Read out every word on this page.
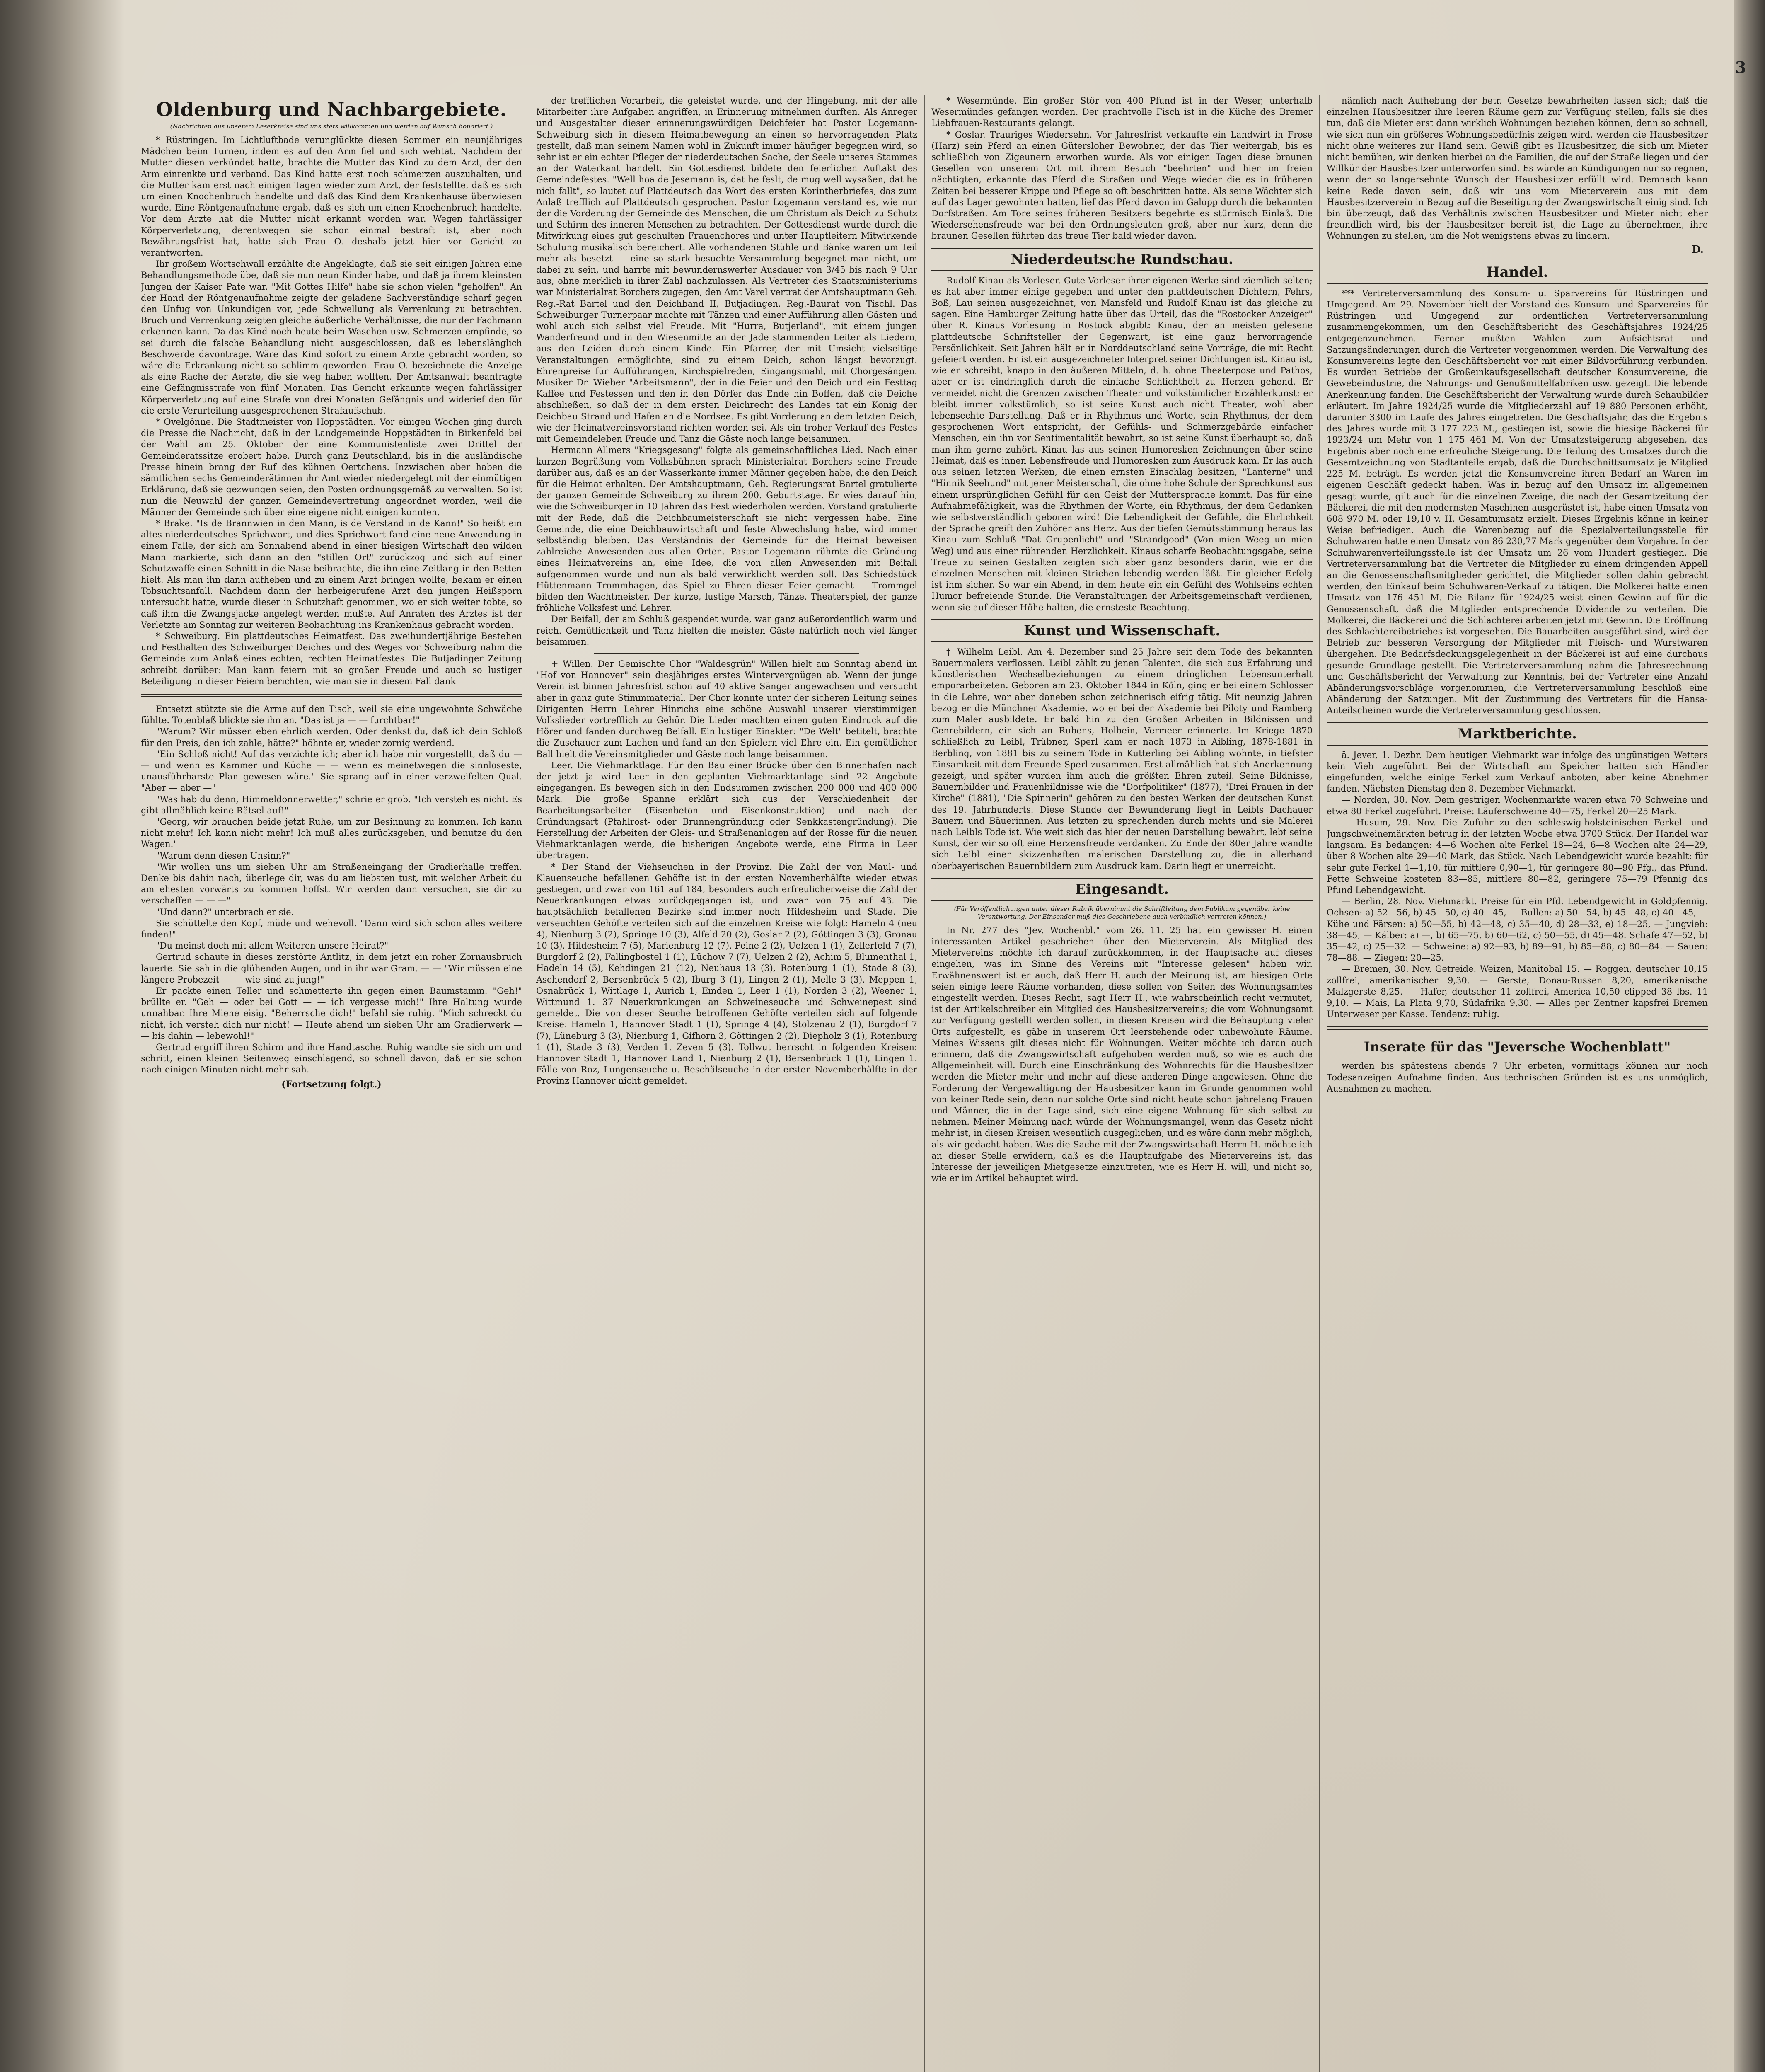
3
Oldenburg und Nachbargebiete.
(Nachrichten aus unserem Leserkreise sind uns stets willkommen und werden auf Wunsch honoriert.)

* Rüstringen. Im Lichtluftbade verunglückte diesen Sommer ein neunjähriges Mädchen beim Turnen, indem es auf den Arm fiel und sich wehtat. Nachdem der Mutter diesen verkündet hatte, brachte die Mutter das Kind zu dem Arzt, der den Arm einrenkte und verband. Das Kind hatte erst noch schmerzen auszuhalten, und die Mutter kam erst nach einigen Tagen wieder zum Arzt, der feststellte, daß es sich um einen Knochenbruch handelte und daß das Kind dem Krankenhause überwiesen wurde. Eine Röntgenaufnahme ergab, daß es sich um einen Knochenbruch handelte. Vor dem Arzte hat die Mutter nicht erkannt worden war. Wegen fahrlässiger Körperverletzung, derentwegen sie schon einmal bestraft ist, aber noch Bewährungsfrist hat, hatte sich Frau O. deshalb jetzt hier vor Gericht zu verantworten.

Ihr großem Wortschwall erzählte die Angeklagte, daß sie seit einigen Jahren eine Behandlungsmethode übe, daß sie nun neun Kinder habe, und daß ja ihrem kleinsten Jungen der Kaiser Pate war. "Mit Gottes Hilfe" habe sie schon vielen "geholfen". An der Hand der Röntgenaufnahme zeigte der geladene Sachverständige scharf gegen den Unfug von Unkundigen vor, jede Schwellung als Verrenkung zu betrachten. Bruch und Verrenkung zeigten gleiche äußerliche Verhältnisse, die nur der Fachmann erkennen kann. Da das Kind noch heute beim Waschen usw. Schmerzen empfinde, so sei durch die falsche Behandlung nicht ausgeschlossen, daß es lebenslänglich Beschwerde davontrage. Wäre das Kind sofort zu einem Arzte gebracht worden, so wäre die Erkrankung nicht so schlimm geworden. Frau O. bezeichnete die Anzeige als eine Rache der Aerzte, die sie weg haben wollten. Der Amtsanwalt beantragte eine Gefängnisstrafe von fünf Monaten. Das Gericht erkannte wegen fahrlässiger Körperverletzung auf eine Strafe von drei Monaten Gefängnis und widerief den für die erste Verurteilung ausgesprochenen Strafaufschub.

* Ovelgönne. Die Stadtmeister von Hoppstädten. Vor einigen Wochen ging durch die Presse die Nachricht, daß in der Landgemeinde Hoppstädten in Birkenfeld bei der Wahl am 25. Oktober der eine Kommunistenliste zwei Drittel der Gemeinderatssitze erobert habe. Durch ganz Deutschland, bis in die ausländische Presse hinein brang der Ruf des kühnen Oertchens. Inzwischen aber haben die sämtlichen sechs Gemeinderätinnen ihr Amt wieder niedergelegt mit der einmütigen Erklärung, daß sie gezwungen seien, den Posten ordnungsgemäß zu verwalten. So ist nun die Neuwahl der ganzen Gemeindevertretung angeordnet worden, weil die Männer der Gemeinde sich über eine eigene nicht einigen konnten.

* Brake. "Is de Brannwien in den Mann, is de Verstand in de Kann!" So heißt ein altes niederdeutsches Sprichwort, und dies Sprichwort fand eine neue Anwendung in einem Falle, der sich am Sonnabend abend in einer hiesigen Wirtschaft den wilden Mann markierte, sich dann an den "stillen Ort" zurückzog und sich auf einer Schutzwaffe einen Schnitt in die Nase beibrachte, die ihn eine Zeitlang in den Betten hielt. Als man ihn dann aufheben und zu einem Arzt bringen wollte, bekam er einen Tobsuchtsanfall. Nachdem dann der herbeigerufene Arzt den jungen Heißsporn untersucht hatte, wurde dieser in Schutzhaft genommen, wo er sich weiter tobte, so daß ihm die Zwangsjacke angelegt werden mußte. Auf Anraten des Arztes ist der Verletzte am Sonntag zur weiteren Beobachtung ins Krankenhaus gebracht worden.

* Schweiburg. Ein plattdeutsches Heimatfest. Das zweihundertjährige Bestehen und Festhalten des Schweiburger Deiches und des Weges vor Schweiburg nahm die Gemeinde zum Anlaß eines echten, rechten Heimatfestes. Die Butjadinger Zeitung schreibt darüber: Man kann feiern mit so großer Freude und auch so lustiger Beteiligung in dieser Feiern berichten, wie man sie in diesem Fall dank

Entsetzt stützte sie die Arme auf den Tisch, weil sie eine ungewohnte Schwäche fühlte. Totenblaß blickte sie ihn an. "Das ist ja — — furchtbar!"

"Warum? Wir müssen eben ehrlich werden. Oder denkst du, daß ich dein Schloß für den Preis, den ich zahle, hätte?" höhnte er, wieder zornig werdend.

"Ein Schloß nicht! Auf das verzichte ich; aber ich habe mir vorgestellt, daß du — — und wenn es Kammer und Küche — — wenn es meinetwegen die sinnloseste, unausführbarste Plan gewesen wäre." Sie sprang auf in einer verzweifelten Qual. "Aber — aber —"

"Was hab du denn, Himmeldonnerwetter," schrie er grob. "Ich versteh es nicht. Es gibt allmählich keine Rätsel auf!"

"Georg, wir brauchen beide jetzt Ruhe, um zur Besinnung zu kommen. Ich kann nicht mehr! Ich kann nicht mehr! Ich muß alles zurücksgehen, und benutze du den Wagen."

"Warum denn diesen Unsinn?"

"Wir wollen uns um sieben Uhr am Straßeneingang der Gradierhalle treffen. Denke bis dahin nach, überlege dir, was du am liebsten tust, mit welcher Arbeit du am ehesten vorwärts zu kommen hoffst. Wir werden dann versuchen, sie dir zu verschaffen — — —"

"Und dann?" unterbrach er sie.

Sie schüttelte den Kopf, müde und wehevoll. "Dann wird sich schon alles weitere finden!"

"Du meinst doch mit allem Weiteren unsere Heirat?"

Gertrud schaute in dieses zerstörte Antlitz, in dem jetzt ein roher Zornausbruch lauerte. Sie sah in die glühenden Augen, und in ihr war Gram. — — "Wir müssen eine längere Probezeit — — wie sind zu jung!"

Er packte einen Teller und schmetterte ihn gegen einen Baumstamm. "Geh!" brüllte er. "Geh — oder bei Gott — — ich vergesse mich!" Ihre Haltung wurde unnahbar. Ihre Miene eisig. "Beherrsche dich!" befahl sie ruhig. "Mich schreckt du nicht, ich versteh dich nur nicht! — Heute abend um sieben Uhr am Gradierwerk — — bis dahin — lebewohl!"

Gertrud ergriff ihren Schirm und ihre Handtasche. Ruhig wandte sie sich um und schritt, einen kleinen Seitenweg einschlagend, so schnell davon, daß er sie schon nach einigen Minuten nicht mehr sah.

(Fortsetzung folgt.)

der trefflichen Vorarbeit, die geleistet wurde, und der Hingebung, mit der alle Mitarbeiter ihre Aufgaben angriffen, in Erinnerung mitnehmen durften. Als Anreger und Ausgestalter dieser erinnerungswürdigen Deichfeier hat Pastor Logemann-Schweiburg sich in diesem Heimatbewegung an einen so hervorragenden Platz gestellt, daß man seinem Namen wohl in Zukunft immer häufiger begegnen wird, so sehr ist er ein echter Pfleger der niederdeutschen Sache, der Seele unseres Stammes an der Waterkant handelt. Ein Gottesdienst bildete den feierlichen Auftakt des Gemeindefestes. "Well hoa de Jesemann is, dat he feslt, de mug well wysaßen, dat he nich fallt", so lautet auf Plattdeutsch das Wort des ersten Korintherbriefes, das zum Anlaß trefflich auf Plattdeutsch gesprochen. Pastor Logemann verstand es, wie nur der die Vorderung der Gemeinde des Menschen, die um Christum als Deich zu Schutz und Schirm des inneren Menschen zu betrachten. Der Gottesdienst wurde durch die Mitwirkung eines gut geschulten Frauenchores und unter Hauptleitern Mitwirkende Schulung musikalisch bereichert. Alle vorhandenen Stühle und Bänke waren um Teil mehr als besetzt — eine so stark besuchte Versammlung begegnet man nicht, um dabei zu sein, und harrte mit bewundernswerter Ausdauer von 3/45 bis nach 9 Uhr aus, ohne merklich in ihrer Zahl nachzulassen. Als Vertreter des Staatsministeriums war Ministerialrat Borchers zugegen, den Amt Varel vertrat der Amtshauptmann Geh. Reg.-Rat Bartel und den Deichband II, Butjadingen, Reg.-Baurat von Tischl. Das Schweiburger Turnerpaar machte mit Tänzen und einer Aufführung allen Gästen und wohl auch sich selbst viel Freude. Mit "Hurra, Butjerland", mit einem jungen Wanderfreund und in den Wiesenmitte an der Jade stammenden Leiter als Liedern, aus den Leiden durch einem Kinde. Ein Pfarrer, der mit Umsicht vielseitige Veranstaltungen ermöglichte, sind zu einem Deich, schon längst bevorzugt. Ehrenpreise für Aufführungen, Kirchspielreden, Eingangsmahl, mit Chorgesängen. Musiker Dr. Wieber "Arbeitsmann", der in die Feier und den Deich und ein Festtag Kaffee und Festessen und den in den Dörfer das Ende hin Boffen, daß die Deiche abschließen, so daß der in dem ersten Deichrecht des Landes tat ein Konig der Deichbau Strand und Hafen an die Nordsee. Es gibt Vorderung an dem letzten Deich, wie der Heimatvereinsvorstand richten worden sei. Als ein froher Verlauf des Festes mit Gemeindeleben Freude und Tanz die Gäste noch lange beisammen.

Hermann Allmers "Kriegsgesang" folgte als gemeinschaftliches Lied. Nach einer kurzen Begrüßung vom Volksbühnen sprach Ministerialrat Borchers seine Freude darüber aus, daß es an der Wasserkante immer Männer gegeben habe, die den Deich für die Heimat erhalten. Der Amtshauptmann, Geh. Regierungsrat Bartel gratulierte der ganzen Gemeinde Schweiburg zu ihrem 200. Geburtstage. Er wies darauf hin, wie die Schweiburger in 10 Jahren das Fest wiederholen werden. Vorstand gratulierte mit der Rede, daß die Deichbaumeisterschaft sie nicht vergessen habe. Eine Gemeinde, die eine Deichbauwirtschaft und feste Abwechslung habe, wird immer selbständig bleiben. Das Verständnis der Gemeinde für die Heimat beweisen zahlreiche Anwesenden aus allen Orten. Pastor Logemann rühmte die Gründung eines Heimatvereins an, eine Idee, die von allen Anwesenden mit Beifall aufgenommen wurde und nun als bald verwirklicht werden soll. Das Schiedstück Hüttenmann Trommhagen, das Spiel zu Ehren dieser Feier gemacht — Trommgel bilden den Wachtmeister, Der kurze, lustige Marsch, Tänze, Theaterspiel, der ganze fröhliche Volksfest und Lehrer.

Der Beifall, der am Schluß gespendet wurde, war ganz außerordentlich warm und reich. Gemütlichkeit und Tanz hielten die meisten Gäste natürlich noch viel länger beisammen.

+ Willen. Der Gemischte Chor "Waldesgrün" Willen hielt am Sonntag abend im "Hof von Hannover" sein diesjähriges erstes Wintervergnügen ab. Wenn der junge Verein ist binnen Jahresfrist schon auf 40 aktive Sänger angewachsen und versucht aber in ganz gute Stimmmaterial. Der Chor konnte unter der sicheren Leitung seines Dirigenten Herrn Lehrer Hinrichs eine schöne Auswahl unserer vierstimmigen Volkslieder vortrefflich zu Gehör. Die Lieder machten einen guten Eindruck auf die Hörer und fanden durchweg Beifall. Ein lustiger Einakter: "De Welt" betitelt, brachte die Zuschauer zum Lachen und fand an den Spielern viel Ehre ein. Ein gemütlicher Ball hielt die Vereinsmitglieder und Gäste noch lange beisammen.

Leer. Die Viehmarktlage. Für den Bau einer Brücke über den Binnenhafen nach der jetzt ja wird Leer in den geplanten Viehmarktanlage sind 22 Angebote eingegangen. Es bewegen sich in den Endsummen zwischen 200 000 und 400 000 Mark. Die große Spanne erklärt sich aus der Verschiedenheit der Bearbeitungsarbeiten (Eisenbeton und Eisenkonstruktion) und nach der Gründungsart (Pfahlrost- oder Brunnengründung oder Senkkastengründung). Die Herstellung der Arbeiten der Gleis- und Straßenanlagen auf der Rosse für die neuen Viehmarktanlagen werde, die bisherigen Angebote werde, eine Firma in Leer übertragen.

* Der Stand der Viehseuchen in der Provinz. Die Zahl der von Maul- und Klauenseuche befallenen Gehöfte ist in der ersten Novemberhälfte wieder etwas gestiegen, und zwar von 161 auf 184, besonders auch erfreulicherweise die Zahl der Neuerkrankungen etwas zurückgegangen ist, und zwar von 75 auf 43. Die hauptsächlich befallenen Bezirke sind immer noch Hildesheim und Stade. Die verseuchten Gehöfte verteilen sich auf die einzelnen Kreise wie folgt: Hameln 4 (neu 4), Nienburg 3 (2), Springe 10 (3), Alfeld 20 (2), Goslar 2 (2), Göttingen 3 (3), Gronau 10 (3), Hildesheim 7 (5), Marienburg 12 (7), Peine 2 (2), Uelzen 1 (1), Zellerfeld 7 (7), Burgdorf 2 (2), Fallingbostel 1 (1), Lüchow 7 (7), Uelzen 2 (2), Achim 5, Blumenthal 1, Hadeln 14 (5), Kehdingen 21 (12), Neuhaus 13 (3), Rotenburg 1 (1), Stade 8 (3), Aschendorf 2, Bersenbrück 5 (2), Iburg 3 (1), Lingen 2 (1), Melle 3 (3), Meppen 1, Osnabrück 1, Wittlage 1, Aurich 1, Emden 1, Leer 1 (1), Norden 3 (2), Weener 1, Wittmund 1. 37 Neuerkrankungen an Schweineseuche und Schweinepest sind gemeldet. Die von dieser Seuche betroffenen Gehöfte verteilen sich auf folgende Kreise: Hameln 1, Hannover Stadt 1 (1), Springe 4 (4), Stolzenau 2 (1), Burgdorf 7 (7), Lüneburg 3 (3), Nienburg 1, Gifhorn 3, Göttingen 2 (2), Diepholz 3 (1), Rotenburg 1 (1), Stade 3 (3), Verden 1, Zeven 5 (3). Tollwut herrscht in folgenden Kreisen: Hannover Stadt 1, Hannover Land 1, Nienburg 2 (1), Bersenbrück 1 (1), Lingen 1. Fälle von Roz, Lungenseuche u. Beschälseuche in der ersten Novemberhälfte in der Provinz Hannover nicht gemeldet.

* Wesermünde. Ein großer Stör von 400 Pfund ist in der Weser, unterhalb Wesermündes gefangen worden. Der prachtvolle Fisch ist in die Küche des Bremer Liebfrauen-Restaurants gelangt.

* Goslar. Trauriges Wiedersehn. Vor Jahresfrist verkaufte ein Landwirt in Frose (Harz) sein Pferd an einen Gütersloher Bewohner, der das Tier weitergab, bis es schließlich von Zigeunern erworben wurde. Als vor einigen Tagen diese braunen Gesellen von unserem Ort mit ihrem Besuch "beehrten" und hier im freien nächtigten, erkannte das Pferd die Straßen und Wege wieder die es in früheren Zeiten bei besserer Krippe und Pflege so oft beschritten hatte. Als seine Wächter sich auf das Lager gewohnten hatten, lief das Pferd davon im Galopp durch die bekannten Dorfstraßen. Am Tore seines früheren Besitzers begehrte es stürmisch Einlaß. Die Wiedersehensfreude war bei den Ordnungsleuten groß, aber nur kurz, denn die braunen Gesellen führten das treue Tier bald wieder davon.

Niederdeutsche Rundschau.

Rudolf Kinau als Vorleser. Gute Vorleser ihrer eigenen Werke sind ziemlich selten; es hat aber immer einige gegeben und unter den plattdeutschen Dichtern, Fehrs, Boß, Lau seinen ausgezeichnet, von Mansfeld und Rudolf Kinau ist das gleiche zu sagen. Eine Hamburger Zeitung hatte über das Urteil, das die "Rostocker Anzeiger" über R. Kinaus Vorlesung in Rostock abgibt: Kinau, der an meisten gelesene plattdeutsche Schriftsteller der Gegenwart, ist eine ganz hervorragende Persönlichkeit. Seit Jahren hält er in Norddeutschland seine Vorträge, die mit Recht gefeiert werden. Er ist ein ausgezeichneter Interpret seiner Dichtungen ist. Kinau ist, wie er schreibt, knapp in den äußeren Mitteln, d. h. ohne Theaterpose und Pathos, aber er ist eindringlich durch die einfache Schlichtheit zu Herzen gehend. Er vermeidet nicht die Grenzen zwischen Theater und volkstümlicher Erzählerkunst; er bleibt immer volkstümlich; so ist seine Kunst auch nicht Theater, wohl aber lebensechte Darstellung. Daß er in Rhythmus und Worte, sein Rhythmus, der dem gesprochenen Wort entspricht, der Gefühls- und Schmerzgebärde einfacher Menschen, ein ihn vor Sentimentalität bewahrt, so ist seine Kunst überhaupt so, daß man ihm gerne zuhört. Kinau las aus seinen Humoresken Zeichnungen über seine Heimat, daß es innen Lebensfreude und Humoresken zum Ausdruck kam. Er las auch aus seinen letzten Werken, die einen ernsten Einschlag besitzen, "Lanterne" und "Hinnik Seehund" mit jener Meisterschaft, die ohne hohe Schule der Sprechkunst aus einem ursprünglichen Gefühl für den Geist der Muttersprache kommt. Das für eine Aufnahmefähigkeit, was die Rhythmen der Worte, ein Rhythmus, der dem Gedanken wie selbstverständlich geboren wird! Die Lebendigkeit der Gefühle, die Ehrlichkeit der Sprache greift den Zuhörer ans Herz. Aus der tiefen Gemütsstimmung heraus las Kinau zum Schluß "Dat Grupenlicht" und "Strandgood" (Von mien Weeg un mien Weg) und aus einer rührenden Herzlichkeit. Kinaus scharfe Beobachtungsgabe, seine Treue zu seinen Gestalten zeigten sich aber ganz besonders darin, wie er die einzelnen Menschen mit kleinen Strichen lebendig werden läßt. Ein gleicher Erfolg ist ihm sicher. So war ein Abend, in dem heute ein ein Gefühl des Wohlseins echten Humor befreiende Stunde. Die Veranstaltungen der Arbeitsgemeinschaft verdienen, wenn sie auf dieser Höhe halten, die ernsteste Beachtung.

Kunst und Wissenschaft.

† Wilhelm Leibl. Am 4. Dezember sind 25 Jahre seit dem Tode des bekannten Bauernmalers verflossen. Leibl zählt zu jenen Talenten, die sich aus Erfahrung und künstlerischen Wechselbeziehungen zu einem dringlichen Lebensunterhalt emporarbeiteten. Geboren am 23. Oktober 1844 in Köln, ging er bei einem Schlosser in die Lehre, war aber daneben schon zeichnerisch eifrig tätig. Mit neunzig Jahren bezog er die Münchner Akademie, wo er bei der Akademie bei Piloty und Ramberg zum Maler ausbildete. Er bald hin zu den Großen Arbeiten in Bildnissen und Genrebildern, ein sich an Rubens, Holbein, Vermeer erinnerte. Im Kriege 1870 schließlich zu Leibl, Trübner, Sperl kam er nach 1873 in Aibling, 1878-1881 in Berbling, von 1881 bis zu seinem Tode in Kutterling bei Aibling wohnte, in tiefster Einsamkeit mit dem Freunde Sperl zusammen. Erst allmählich hat sich Anerkennung gezeigt, und später wurden ihm auch die größten Ehren zuteil. Seine Bildnisse, Bauernbilder und Frauenbildnisse wie die "Dorfpolitiker" (1877), "Drei Frauen in der Kirche" (1881), "Die Spinnerin" gehören zu den besten Werken der deutschen Kunst des 19. Jahrhunderts. Diese Stunde der Bewunderung liegt in Leibls Dachauer Bauern und Bäuerinnen. Aus letzten zu sprechenden durch nichts und sie Malerei nach Leibls Tode ist. Wie weit sich das hier der neuen Darstellung bewahrt, lebt seine Kunst, der wir so oft eine Herzensfreude verdanken. Zu Ende der 80er Jahre wandte sich Leibl einer skizzenhaften malerischen Darstellung zu, die in allerhand oberbayerischen Bauernbildern zum Ausdruck kam. Darin liegt er unerreicht.

Eingesandt.
(Für Veröffentlichungen unter dieser Rubrik übernimmt die Schriftleitung dem Publikum gegenüber keine Verantwortung. Der Einsender muß dies Geschriebene auch verbindlich vertreten können.)

In Nr. 277 des "Jev. Wochenbl." vom 26. 11. 25 hat ein gewisser H. einen interessanten Artikel geschrieben über den Mieterverein. Als Mitglied des Mietervereins möchte ich darauf zurückkommen, in der Hauptsache auf dieses eingehen, was im Sinne des Vereins mit "Interesse gelesen" haben wir. Erwähnenswert ist er auch, daß Herr H. auch der Meinung ist, am hiesigen Orte seien einige leere Räume vorhanden, diese sollen von Seiten des Wohnungsamtes eingestellt werden. Dieses Recht, sagt Herr H., wie wahrscheinlich recht vermutet, ist der Artikelschreiber ein Mitglied des Hausbesitzervereins; die vom Wohnungsamt zur Verfügung gestellt werden sollen, in diesen Kreisen wird die Behauptung vieler Orts aufgestellt, es gäbe in unserem Ort leerstehende oder unbewohnte Räume. Meines Wissens gilt dieses nicht für Wohnungen. Weiter möchte ich daran auch erinnern, daß die Zwangswirtschaft aufgehoben werden muß, so wie es auch die Allgemeinheit will. Durch eine Einschränkung des Wohnrechts für die Hausbesitzer werden die Mieter mehr und mehr auf diese anderen Dinge angewiesen. Ohne die Forderung der Vergewaltigung der Hausbesitzer kann im Grunde genommen wohl von keiner Rede sein, denn nur solche Orte sind nicht heute schon jahrelang Frauen und Männer, die in der Lage sind, sich eine eigene Wohnung für sich selbst zu nehmen. Meiner Meinung nach würde der Wohnungsmangel, wenn das Gesetz nicht mehr ist, in diesen Kreisen wesentlich ausgeglichen, und es wäre dann mehr möglich, als wir gedacht haben. Was die Sache mit der Zwangswirtschaft Herrn H. möchte ich an dieser Stelle erwidern, daß es die Hauptaufgabe des Mietervereins ist, das Interesse der jeweiligen Mietgesetze einzutreten, wie es Herr H. will, und nicht so, wie er im Artikel behauptet wird.

nämlich nach Aufhebung der betr. Gesetze bewahrheiten lassen sich; daß die einzelnen Hausbesitzer ihre leeren Räume gern zur Verfügung stellen, falls sie dies tun, daß die Mieter erst dann wirklich Wohnungen beziehen können, denn so schnell, wie sich nun ein größeres Wohnungsbedürfnis zeigen wird, werden die Hausbesitzer nicht ohne weiteres zur Hand sein. Gewiß gibt es Hausbesitzer, die sich um Mieter nicht bemühen, wir denken hierbei an die Familien, die auf der Straße liegen und der Willkür der Hausbesitzer unterworfen sind. Es würde an Kündigungen nur so regnen, wenn der so langersehnte Wunsch der Hausbesitzer erfüllt wird. Demnach kann keine Rede davon sein, daß wir uns vom Mieterverein aus mit dem Hausbesitzerverein in Bezug auf die Beseitigung der Zwangswirtschaft einig sind. Ich bin überzeugt, daß das Verhältnis zwischen Hausbesitzer und Mieter nicht eher freundlich wird, bis der Hausbesitzer bereit ist, die Lage zu übernehmen, ihre Wohnungen zu stellen, um die Not wenigstens etwas zu lindern.

D.
Handel.

*** Vertreterversammlung des Konsum- u. Sparvereins für Rüstringen und Umgegend. Am 29. November hielt der Vorstand des Konsum- und Sparvereins für Rüstringen und Umgegend zur ordentlichen Vertreterversammlung zusammengekommen, um den Geschäftsbericht des Geschäftsjahres 1924/25 entgegenzunehmen. Ferner mußten Wahlen zum Aufsichtsrat und Satzungsänderungen durch die Vertreter vorgenommen werden. Die Verwaltung des Konsumvereins legte den Geschäftsbericht vor mit einer Bildvorführung verbunden. Es wurden Betriebe der Großeinkaufsgesellschaft deutscher Konsumvereine, die Gewebeindustrie, die Nahrungs- und Genußmittelfabriken usw. gezeigt. Die lebende Anerkennung fanden. Die Geschäftsbericht der Verwaltung wurde durch Schaubilder erläutert. Im Jahre 1924/25 wurde die Mitgliederzahl auf 19 880 Personen erhöht, darunter 3300 im Laufe des Jahres eingetreten. Die Geschäftsjahr, das die Ergebnis des Jahres wurde mit 3 177 223 M., gestiegen ist, sowie die hiesige Bäckerei für 1923/24 um Mehr von 1 175 461 M. Von der Umsatzsteigerung abgesehen, das Ergebnis aber noch eine erfreuliche Steigerung. Die Teilung des Umsatzes durch die Gesamtzeichnung von Stadtanteile ergab, daß die Durchschnittsumsatz je Mitglied 225 M. beträgt. Es werden jetzt die Konsumvereine ihren Bedarf an Waren im eigenen Geschäft gedeckt haben. Was in bezug auf den Umsatz im allgemeinen gesagt wurde, gilt auch für die einzelnen Zweige, die nach der Gesamtzeitung der Bäckerei, die mit den modernsten Maschinen ausgerüstet ist, habe einen Umsatz von 608 970 M. oder 19,10 v. H. Gesamtumsatz erzielt. Dieses Ergebnis könne in keiner Weise befriedigen. Auch die Warenbezug auf die Spezialverteilungsstelle für Schuhwaren hatte einen Umsatz von 86 230,77 Mark gegenüber dem Vorjahre. In der Schuhwarenverteilungsstelle ist der Umsatz um 26 vom Hundert gestiegen. Die Vertreterversammlung hat die Vertreter die Mitglieder zu einem dringenden Appell an die Genossenschaftsmitglieder gerichtet, die Mitglieder sollen dahin gebracht werden, den Einkauf beim Schuhwaren-Verkauf zu tätigen. Die Molkerei hatte einen Umsatz von 176 451 M. Die Bilanz für 1924/25 weist einen Gewinn auf für die Genossenschaft, daß die Mitglieder entsprechende Dividende zu verteilen. Die Molkerei, die Bäckerei und die Schlachterei arbeiten jetzt mit Gewinn. Die Eröffnung des Schlachtereibetriebes ist vorgesehen. Die Bauarbeiten ausgeführt sind, wird der Betrieb zur besseren Versorgung der Mitglieder mit Fleisch- und Wurstwaren übergehen. Die Bedarfsdeckungsgelegenheit in der Bäckerei ist auf eine durchaus gesunde Grundlage gestellt. Die Vertreterversammlung nahm die Jahresrechnung und Geschäftsbericht der Verwaltung zur Kenntnis, bei der Vertreter eine Anzahl Abänderungsvorschläge vorgenommen, die Vertreterversammlung beschloß eine Abänderung der Satzungen. Mit der Zustimmung des Vertreters für die Hansa-Anteilscheinen wurde die Vertreterversammlung geschlossen.

Marktberichte.

ä. Jever, 1. Dezbr. Dem heutigen Viehmarkt war infolge des ungünstigen Wetters kein Vieh zugeführt. Bei der Wirtschaft am Speicher hatten sich Händler eingefunden, welche einige Ferkel zum Verkauf anboten, aber keine Abnehmer fanden. Nächsten Dienstag den 8. Dezember Viehmarkt.

— Norden, 30. Nov. Dem gestrigen Wochenmarkte waren etwa 70 Schweine und etwa 80 Ferkel zugeführt. Preise: Läuferschweine 40—75, Ferkel 20—25 Mark.

— Husum, 29. Nov. Die Zufuhr zu den schleswig-holsteinischen Ferkel- und Jungschweinemärkten betrug in der letzten Woche etwa 3700 Stück. Der Handel war langsam. Es bedangen: 4—6 Wochen alte Ferkel 18—24, 6—8 Wochen alte 24—29, über 8 Wochen alte 29—40 Mark, das Stück. Nach Lebendgewicht wurde bezahlt: für sehr gute Ferkel 1—1,10, für mittlere 0,90—1, für geringere 80—90 Pfg., das Pfund. Fette Schweine kosteten 83—85, mittlere 80—82, geringere 75—79 Pfennig das Pfund Lebendgewicht.

— Berlin, 28. Nov. Viehmarkt. Preise für ein Pfd. Lebendgewicht in Goldpfennig. Ochsen: a) 52—56, b) 45—50, c) 40—45, — Bullen: a) 50—54, b) 45—48, c) 40—45, — Kühe und Färsen: a) 50—55, b) 42—48, c) 35—40, d) 28—33, e) 18—25, — Jungvieh: 38—45, — Kälber: a) —, b) 65—75, b) 60—62, c) 50—55, d) 45—48. Schafe 47—52, b) 35—42, c) 25—32. — Schweine: a) 92—93, b) 89—91, b) 85—88, c) 80—84. — Sauen: 78—88. — Ziegen: 20—25.

— Bremen, 30. Nov. Getreide. Weizen, Manitobal 15. — Roggen, deutscher 10,15 zollfrei, amerikanischer 9,30. — Gerste, Donau-Russen 8,20, amerikanische Malzgerste 8,25. — Hafer, deutscher 11 zollfrei, America 10,50 clipped 38 lbs. 11 9,10. — Mais, La Plata 9,70, Südafrika 9,30. — Alles per Zentner kapsfrei Bremen Unterweser per Kasse. Tendenz: ruhig.

Inserate für das "Jeversche Wochenblatt"

werden bis spätestens abends 7 Uhr erbeten, vormittags können nur noch Todesanzeigen Aufnahme finden. Aus technischen Gründen ist es uns unmöglich, Ausnahmen zu machen.
